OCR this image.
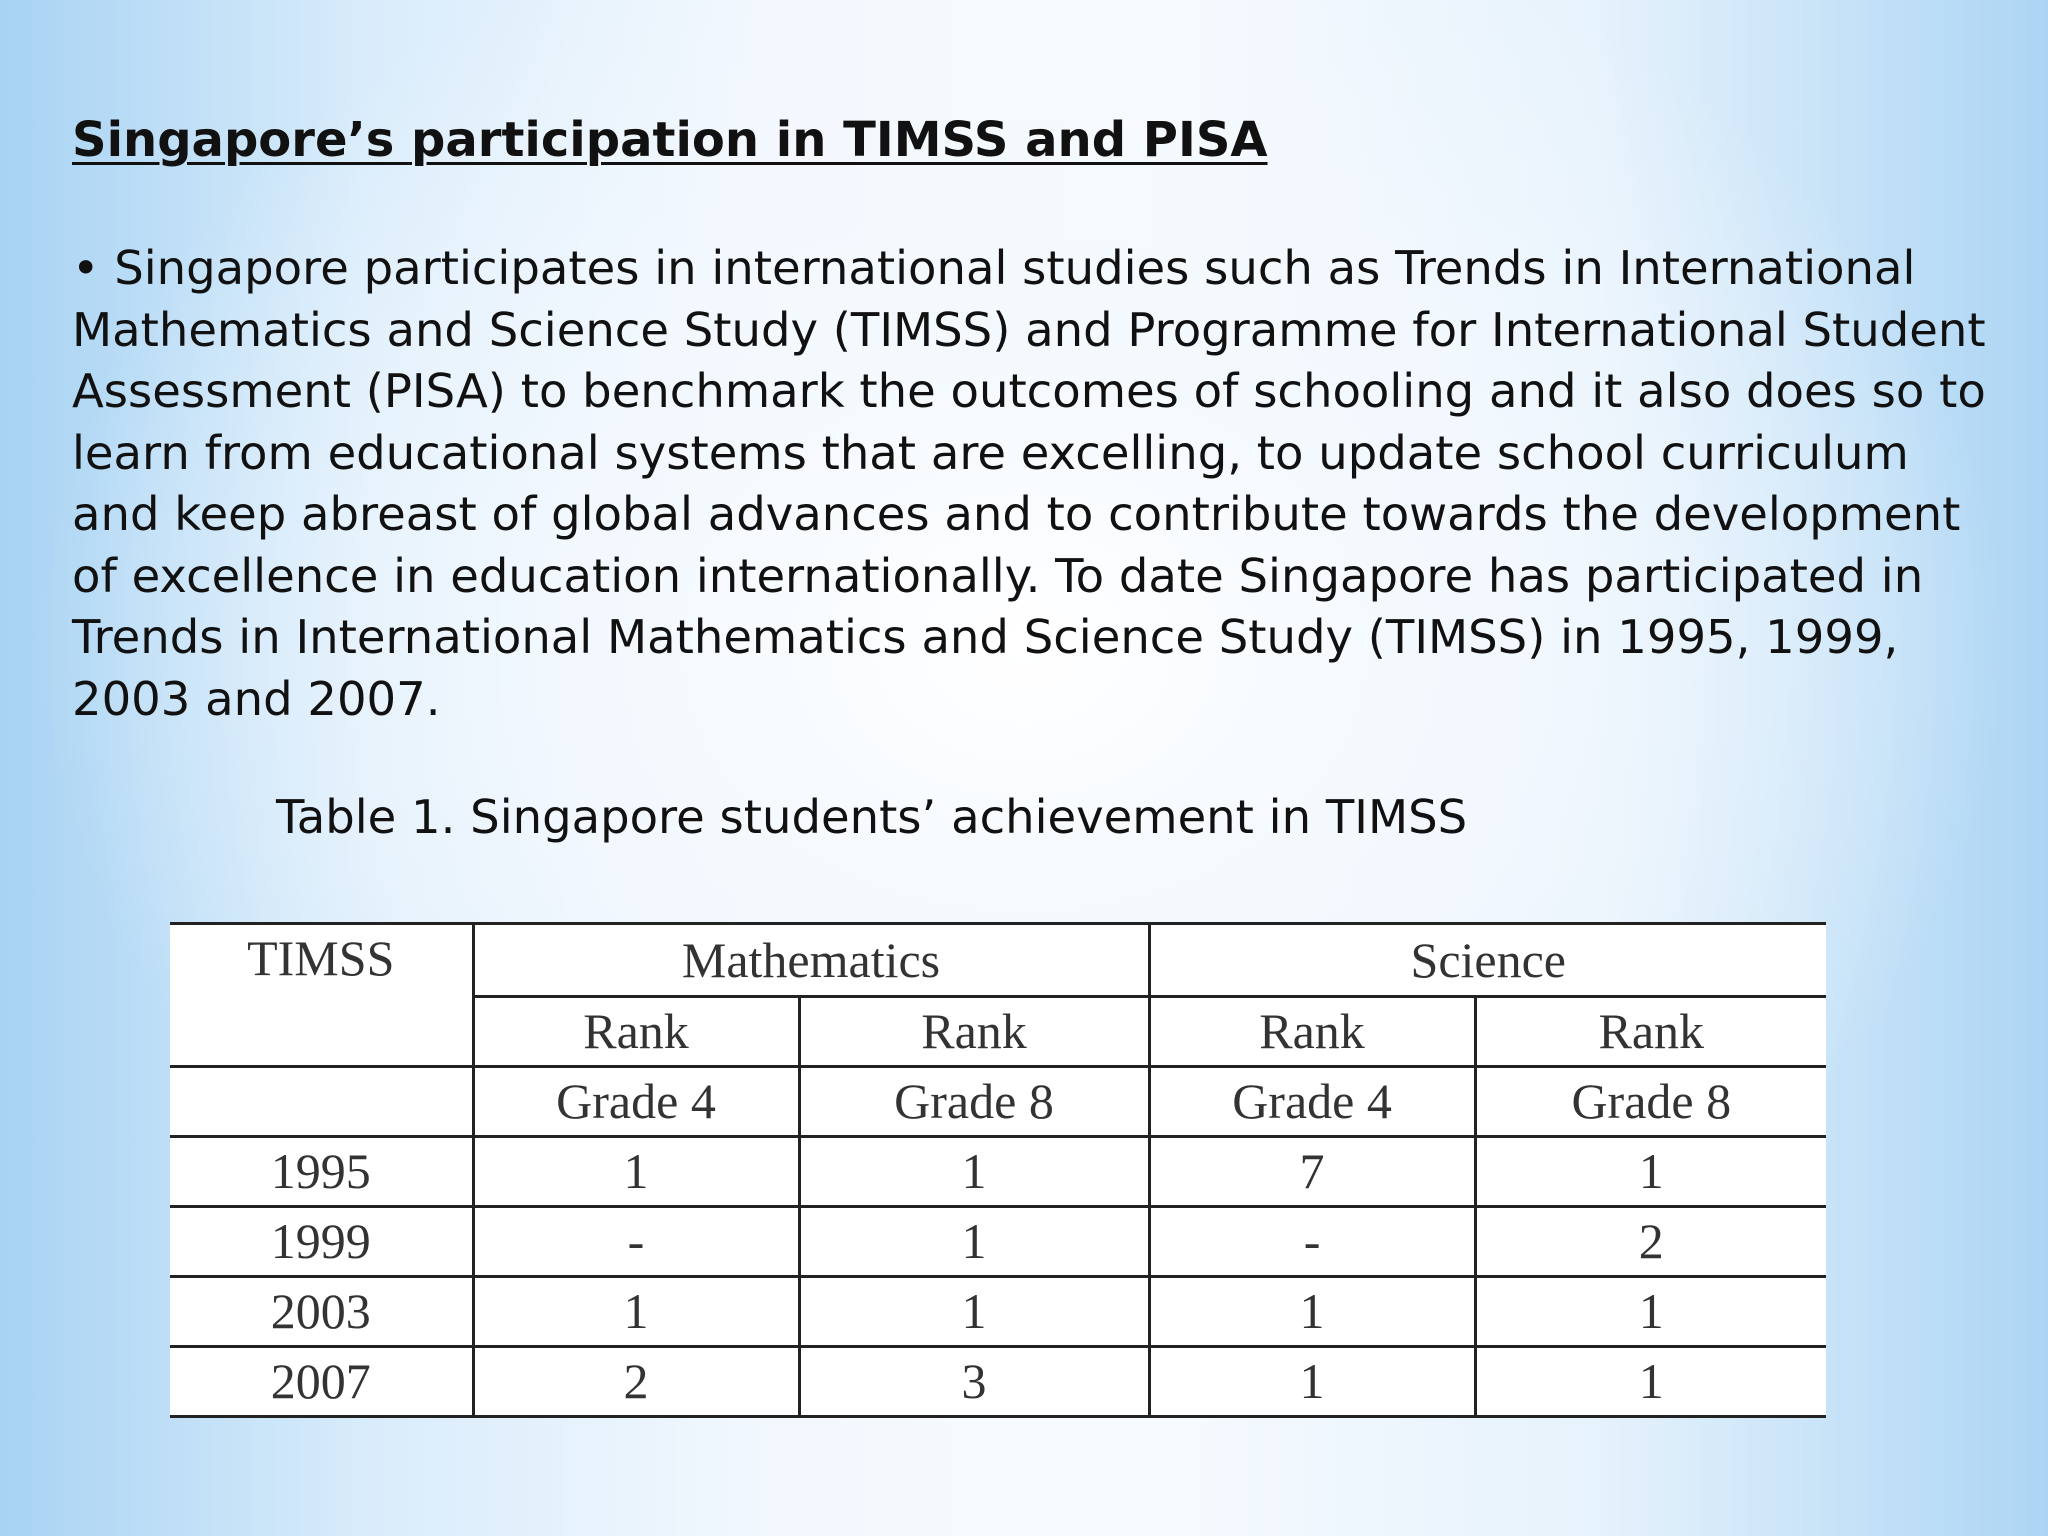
Singapore’s participation in TIMSS and PISA

• Singapore participates in international studies such as Trends in International
Mathematics and Science Study (TIMSS) and Programme for International Student
Assessment (PISA) to benchmark the outcomes of schooling and it also does so to
learn from educational systems that are excelling, to update school curriculum
and keep abreast of global advances and to contribute towards the development
of excellence in education internationally. To date Singapore has participated in
Trends in International Mathematics and Science Study (TIMSS) in 1995, 1999,
2003 and 2007.

Table 1. Singapore students’ achievement in TIMSS

TIMSS	Mathematics		Science	
	Rank	Rank	Rank	Rank
	Grade 4	Grade 8	Grade 4	Grade 8
1995	1	1	7	1
1999	-	1	-	2
2003	1	1	1	1
2007	2	3	1	1
